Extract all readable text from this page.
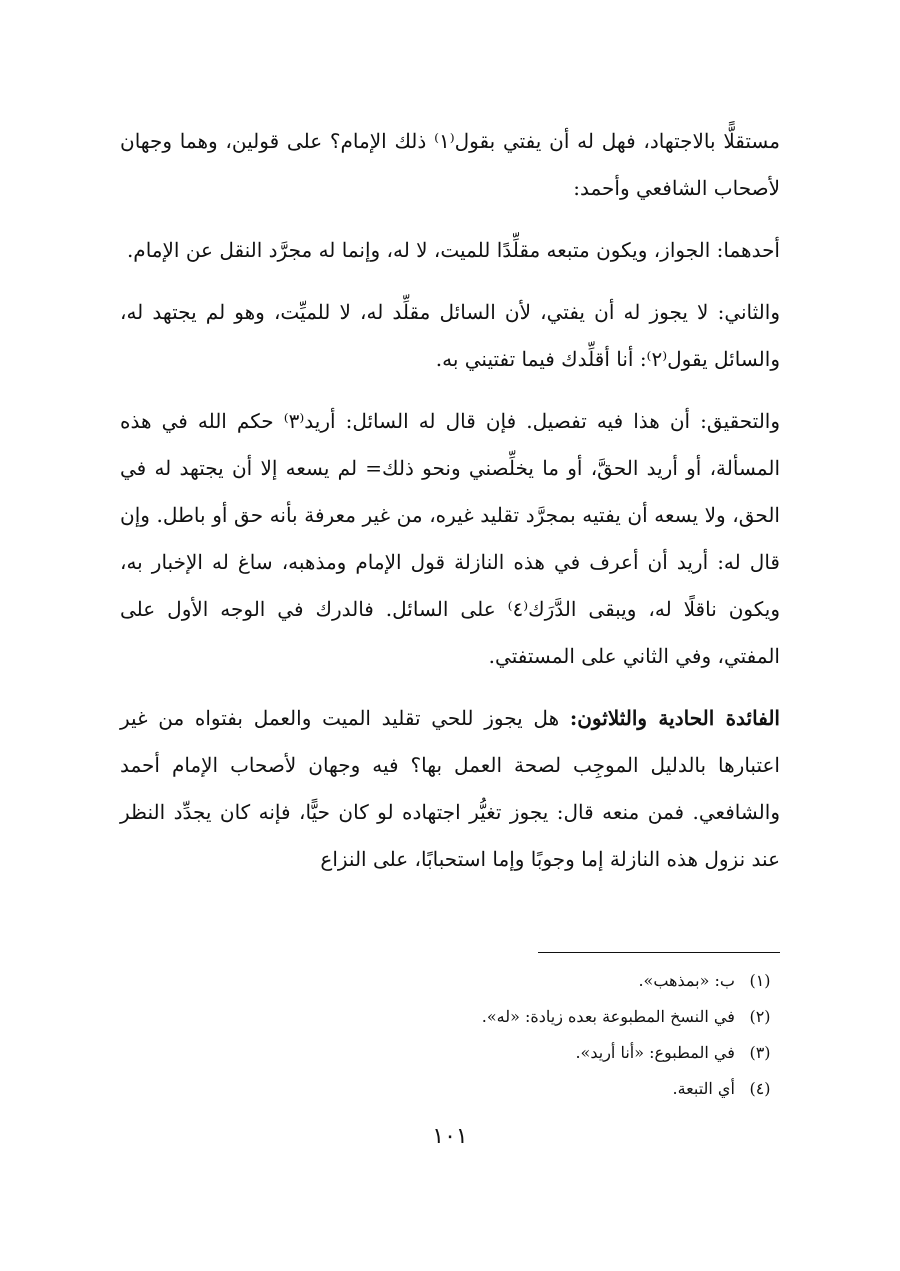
مستقلًّا بالاجتهاد، فهل له أن يفتي بقول⁽١⁾ ذلك الإمام؟ على قولين، وهما وجهان لأصحاب الشافعي وأحمد:

أحدهما: الجواز، ويكون متبعه مقلِّدًا للميت، لا له، وإنما له مجرَّد النقل عن الإمام.

والثاني: لا يجوز له أن يفتي، لأن السائل مقلِّد له، لا للميِّت، وهو لم يجتهد له، والسائل يقول⁽٢⁾: أنا أقلِّدك فيما تفتيني به.

والتحقيق: أن هذا فيه تفصيل. فإن قال له السائل: أريد⁽٣⁾ حكم الله في هذه المسألة، أو أريد الحقَّ، أو ما يخلِّصني ونحو ذلك= لم يسعه إلا أن يجتهد له في الحق، ولا يسعه أن يفتيه بمجرَّد تقليد غيره، من غير معرفة بأنه حق أو باطل. وإن قال له: أريد أن أعرف في هذه النازلة قول الإمام ومذهبه، ساغ له الإخبار به، ويكون ناقلًا له، ويبقى الدَّرَك⁽٤⁾ على السائل. فالدرك في الوجه الأول على المفتي، وفي الثاني على المستفتي.

الفائدة الحادية والثلاثون: هل يجوز للحي تقليد الميت والعمل بفتواه من غير اعتبارها بالدليل الموجِب لصحة العمل بها؟ فيه وجهان لأصحاب الإمام أحمد والشافعي. فمن منعه قال: يجوز تغيُّر اجتهاده لو كان حيًّا، فإنه كان يجدِّد النظر عند نزول هذه النازلة إما وجوبًا وإما استحبابًا، على النزاع

(١) ب: «بمذهب».
(٢) في النسخ المطبوعة بعده زيادة: «له».
(٣) في المطبوع: «أنا أريد».
(٤) أي التبعة.
١٠١
